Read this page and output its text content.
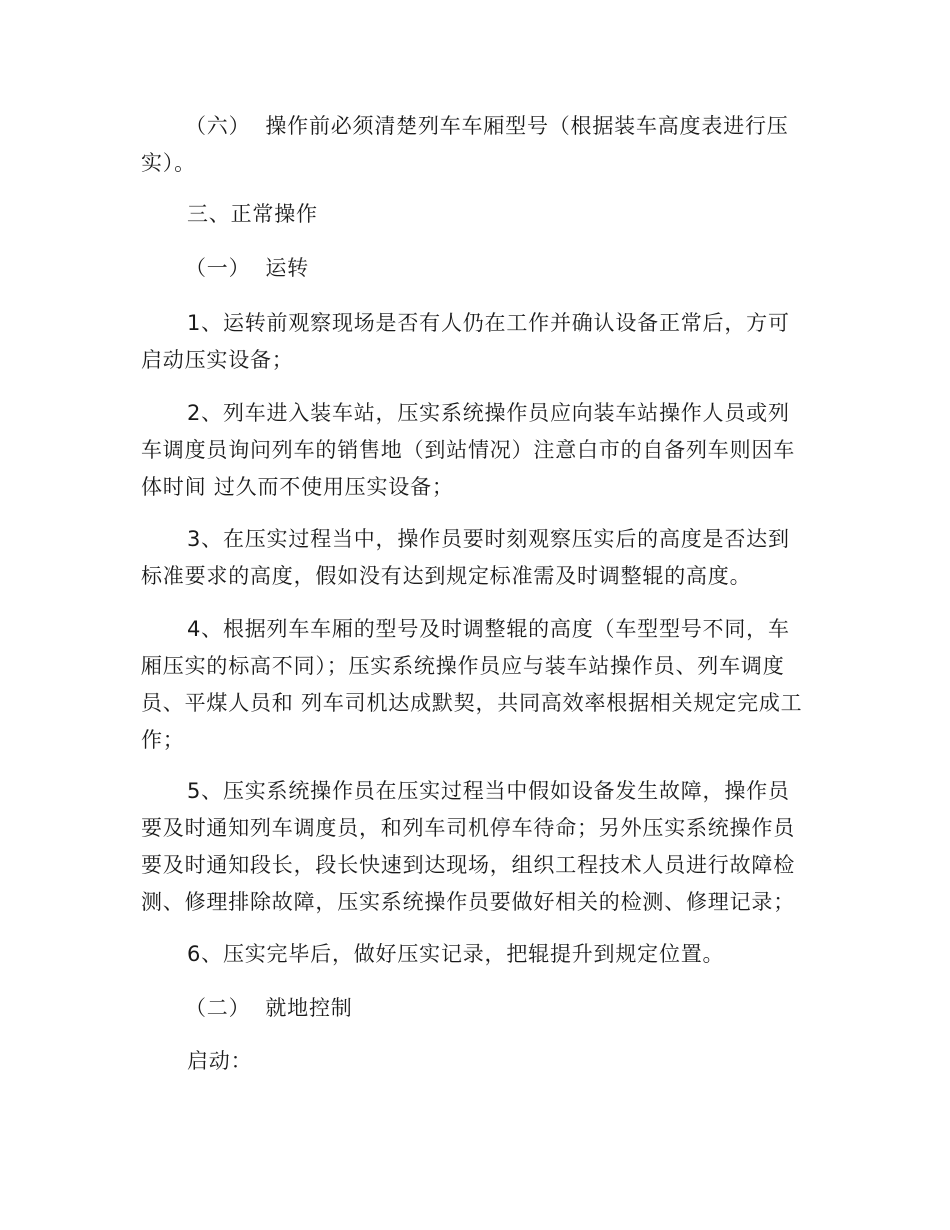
（六）  操作前必须清楚列车车厢型号（根据装车高度表进行压实）。

三、正常操作

（一）  运转

1、运转前观察现场是否有人仍在工作并确认设备正常后，方可启动压实设备；

2、列车进入装车站，压实系统操作员应向装车站操作人员或列车调度员询问列车的销售地（到站情况）注意白市的自备列车则因车体时间 过久而不使用压实设备；

3、在压实过程当中，操作员要时刻观察压实后的高度是否达到标准要求的高度，假如没有达到规定标准需及时调整辊的高度。

4、根据列车车厢的型号及时调整辊的高度（车型型号不同，车厢压实的标高不同）；压实系统操作员应与装车站操作员、列车调度员、平煤人员和 列车司机达成默契，共同高效率根据相关规定完成工作；

5、压实系统操作员在压实过程当中假如设备发生故障，操作员要及时通知列车调度员，和列车司机停车待命；另外压实系统操作员要及时通知段长，段长快速到达现场，组织工程技术人员进行故障检测、修理排除故障，压实系统操作员要做好相关的检测、修理记录；

6、压实完毕后，做好压实记录，把辊提升到规定位置。

（二）  就地控制

启动：
